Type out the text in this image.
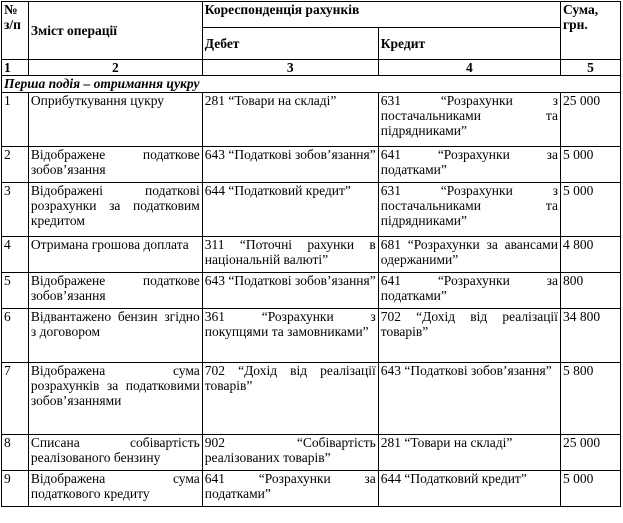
№ з/п	Зміст операції	Кореспонденція рахунків		Сума, грн.
		Дебет	Кредит	
1	2	3	4	5
Перша подія – отримання цукру				
1	Оприбуткування цукру	281 “Товари на складі”	631 “Розрахунки з постачальниками та підрядниками”	25 000
2	Відображене податкове зобов’язання	643 “Податкові зобов’язання”	641 “Розрахунки за податками”	5 000
3	Відображені податкові розрахунки за податковим кредитом	644 “Податковий кредит”	631 “Розрахунки з постачальниками та підрядниками”	5 000
4	Отримана грошова доплата	311 “Поточні рахунки в національній валюті”	681 “Розрахунки за авансами одержаними”	4 800
5	Відображене податкове зобов’язання	643 “Податкові зобов’язання”	641 “Розрахунки за податками”	800
6	Відвантажено бензин згідно з договором	361 “Розрахунки з покупцями та замовниками”	702 “Дохід від реалізації товарів”	34 800
7	Відображена сума розрахунків за податковими зобов’язаннями	702 “Дохід від реалізації товарів”	643 “Податкові зобов’язання”	5 800
8	Списана собівартість реалізованого бензину	902 “Собівартість реалізованих товарів”	281 “Товари на складі”	25 000
9	Відображена сума податкового кредиту	641 “Розрахунки за податками”	644 “Податковий кредит”	5 000
